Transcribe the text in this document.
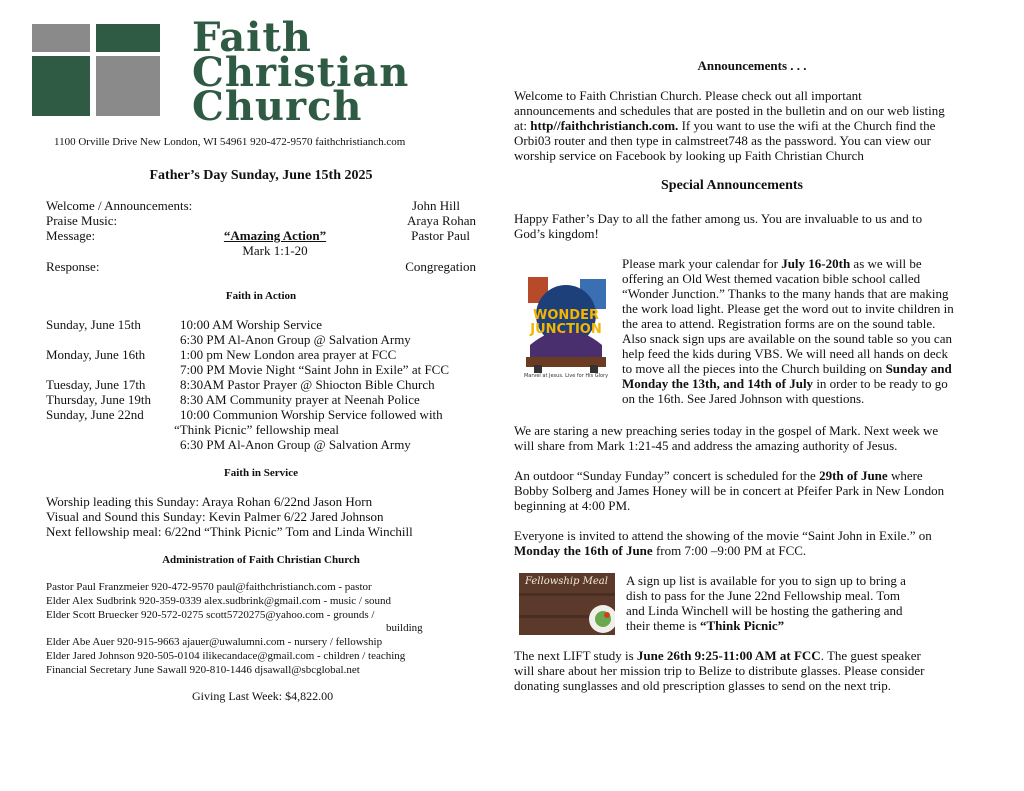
Faith
Christian
Church
1100 Orville Drive New London, WI 54961 920-472-9570 faithchristianch.com
Father’s Day Sunday, June 15th 2025
Welcome / Announcements:	John Hill
Praise Music:	Araya Rohan
Message:	“Amazing Action”	Pastor Paul
Mark 1:1-20
Response:	Congregation
Faith in Action
Sunday, June 15th	10:00 AM Worship Service
6:30 PM Al-Anon Group @ Salvation Army
Monday, June 16th	1:00 pm New London area prayer at FCC
7:00 PM Movie Night “Saint John in Exile” at FCC
Tuesday, June 17th	8:30AM Pastor Prayer @ Shiocton Bible Church
Thursday, June 19th 8:30 AM Community prayer at Neenah Police
Sunday, June 22nd	10:00 Communion Worship Service followed with
“Think Picnic” fellowship meal
6:30 PM Al-Anon Group @ Salvation Army
Faith in Service
Worship leading this Sunday: Araya Rohan 6/22nd Jason Horn
Visual and Sound this Sunday: Kevin Palmer 6/22 Jared Johnson
Next fellowship meal: 6/22nd “Think Picnic” Tom and Linda Winchill
Administration of Faith Christian Church
Pastor Paul Franzmeier 920-472-9570 paul@faithchristianch.com - pastor
Elder Alex Sudbrink 920-359-0339 alex.sudbrink@gmail.com - music / sound
Elder Scott Bruecker 920-572-0275 scott5720275@yahoo.com - grounds /
building
Elder Abe Auer 920-915-9663 ajauer@uwalumni.com - nursery / fellowship
Elder Jared Johnson 920-505-0104 ilikecandace@gmail.com - children / teaching
Financial Secretary June Sawall 920-810-1446 djsawall@sbcglobal.net
Giving Last Week: $4,822.00
Announcements . . .
Welcome to Faith Christian Church. Please check out all important
announcements and schedules that are posted in the bulletin and on our web listing
at: http//faithchristianch.com. If you want to use the wifi at the Church find the
Orbi03 router and then type in calmstreet748 as the password. You can view our
worship service on Facebook by looking up Faith Christian Church
Special Announcements
Happy Father’s Day to all the father among us. You are invaluable to us and to
God’s kingdom!
WONDER JUNCTION
Marvel at Jesus. Live for His Glory
Please mark your calendar for July 16-20th as we will be
offering an Old West themed vacation bible school called
“Wonder Junction.” Thanks to the many hands that are making
the work load light. Please get the word out to invite children in
the area to attend. Registration forms are on the sound table.
Also snack sign ups are available on the sound table so you can
help feed the kids during VBS. We will need all hands on deck
to move all the pieces into the Church building on Sunday and
Monday the 13th, and 14th of July in order to be ready to go
on the 16th. See Jared Johnson with questions.
We are staring a new preaching series today in the gospel of Mark. Next week we
will share from Mark 1:21-45 and address the amazing authority of Jesus.
An outdoor “Sunday Funday” concert is scheduled for the 29th of June where
Bobby Solberg and James Honey will be in concert at Pfeifer Park in New London
beginning at 4:00 PM.
Everyone is invited to attend the showing of the movie “Saint John in Exile.” on
Monday the 16th of June from 7:00 –9:00 PM at FCC.
Fellowship Meal A sign up list is available for you to sign up to bring a
dish to pass for the June 22nd Fellowship meal. Tom
and Linda Winchell will be hosting the gathering and
their theme is “Think Picnic”
The next LIFT study is June 26th 9:25-11:00 AM at FCC. The guest speaker
will share about her mission trip to Belize to distribute glasses. Please consider
donating sunglasses and old prescription glasses to send on the next trip.
